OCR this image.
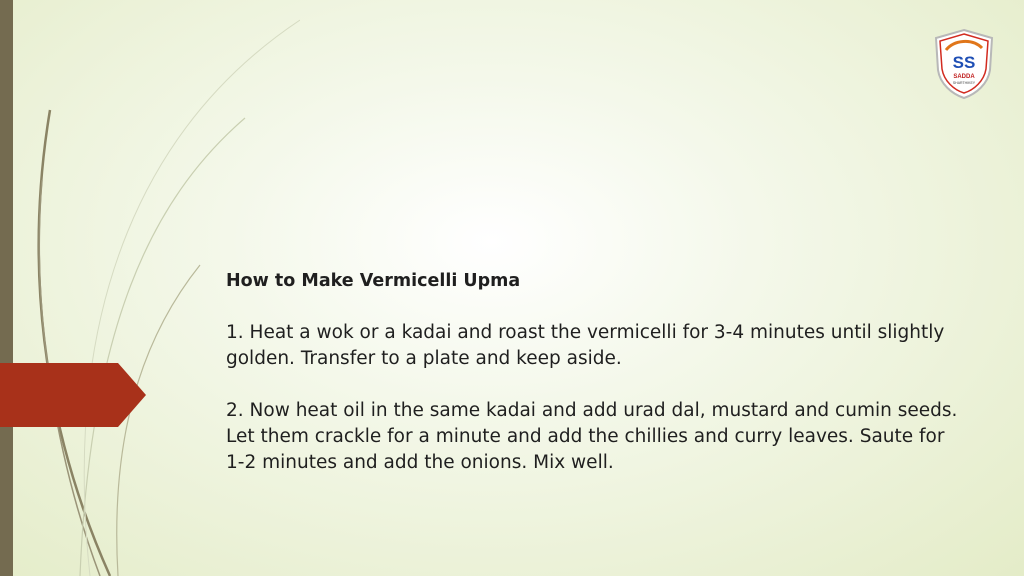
SS
SADDA
SHARTHIKEY

How to Make Vermicelli Upma

1. Heat a wok or a kadai and roast the vermicelli for 3-4 minutes until slightly golden. Transfer to a plate and keep aside.

2. Now heat oil in the same kadai and add urad dal, mustard and cumin seeds. Let them crackle for a minute and add the chillies and curry leaves. Saute for 1-2 minutes and add the onions. Mix well.
